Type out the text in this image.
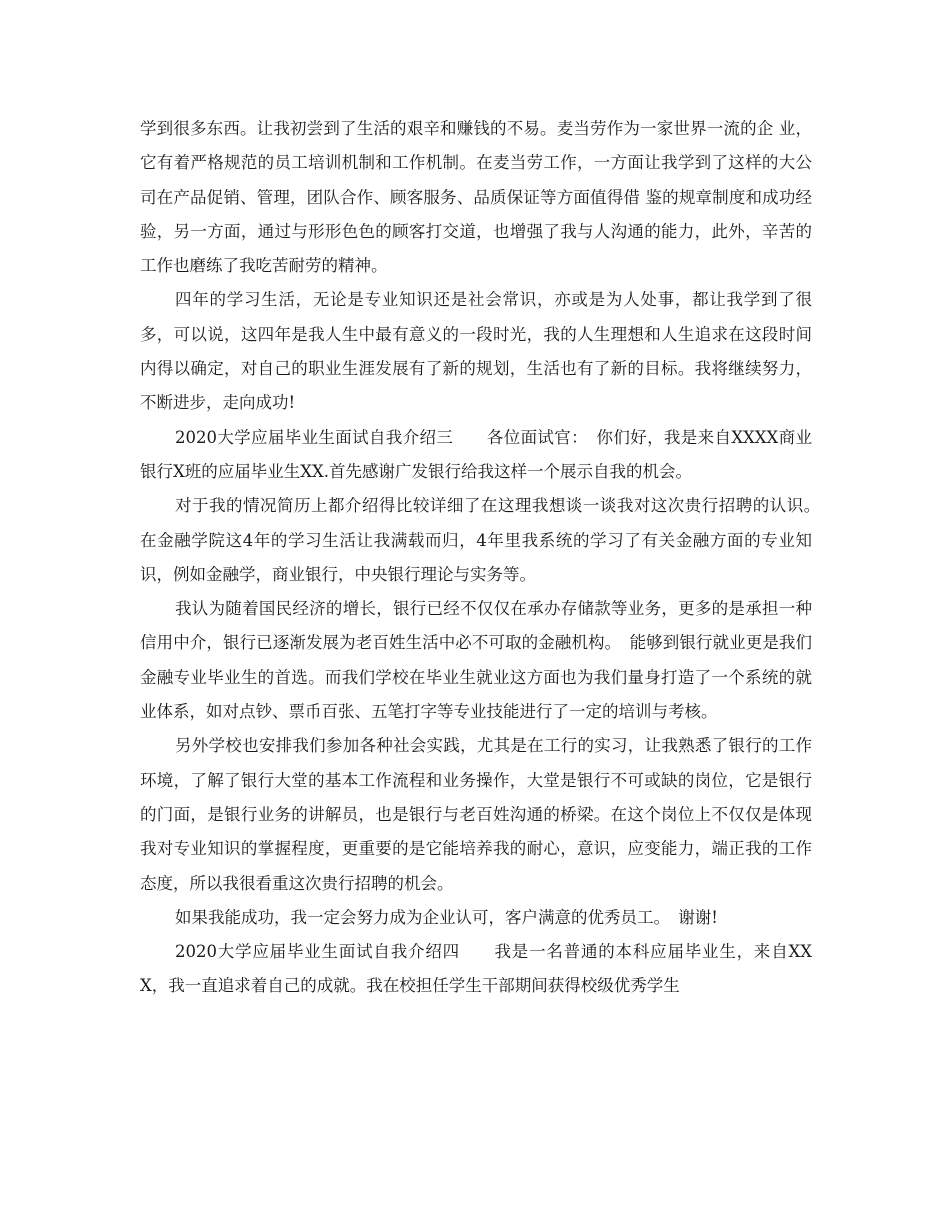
学到很多东西。让我初尝到了生活的艰辛和赚钱的不易。麦当劳作为一家世界一流的企 业，它有着严格规范的员工培训机制和工作机制。在麦当劳工作，一方面让我学到了这样的大公司在产品促销、管理，团队合作、顾客服务、品质保证等方面值得借 鉴的规章制度和成功经验，另一方面，通过与形形色色的顾客打交道，也增强了我与人沟通的能力，此外，辛苦的工作也磨练了我吃苦耐劳的精神。

四年的学习生活，无论是专业知识还是社会常识，亦或是为人处事，都让我学到了很多，可以说，这四年是我人生中最有意义的一段时光，我的人生理想和人生追求在这段时间内得以确定，对自己的职业生涯发展有了新的规划，生活也有了新的目标。我将继续努力，不断进步，走向成功!

2020大学应届毕业生面试自我介绍三　　各位面试官：　你们好，我是来自XXXX商业银行X班的应届毕业生XX.首先感谢广发银行给我这样一个展示自我的机会。

对于我的情况简历上都介绍得比较详细了在这理我想谈一谈我对这次贵行招聘的认识。　在金融学院这4年的学习生活让我满载而归，4年里我系统的学习了有关金融方面的专业知识，例如金融学，商业银行，中央银行理论与实务等。

我认为随着国民经济的增长，银行已经不仅仅在承办存储款等业务，更多的是承担一种信用中介，银行已逐渐发展为老百姓生活中必不可取的金融机构。　能够到银行就业更是我们金融专业毕业生的首选。而我们学校在毕业生就业这方面也为我们量身打造了一个系统的就业体系，如对点钞、票币百张、五笔打字等专业技能进行了一定的培训与考核。

另外学校也安排我们参加各种社会实践，尤其是在工行的实习，让我熟悉了银行的工作环境，了解了银行大堂的基本工作流程和业务操作，大堂是银行不可或缺的岗位，它是银行的门面，是银行业务的讲解员，也是银行与老百姓沟通的桥梁。在这个岗位上不仅仅是体现我对专业知识的掌握程度，更重要的是它能培养我的耐心，意识，应变能力，端正我的工作态度，所以我很看重这次贵行招聘的机会。

如果我能成功，我一定会努力成为企业认可，客户满意的优秀员工。　谢谢!

2020大学应届毕业生面试自我介绍四　　我是一名普通的本科应届毕业生，来自XXX，我一直追求着自己的成就。我在校担任学生干部期间获得校级优秀学生
